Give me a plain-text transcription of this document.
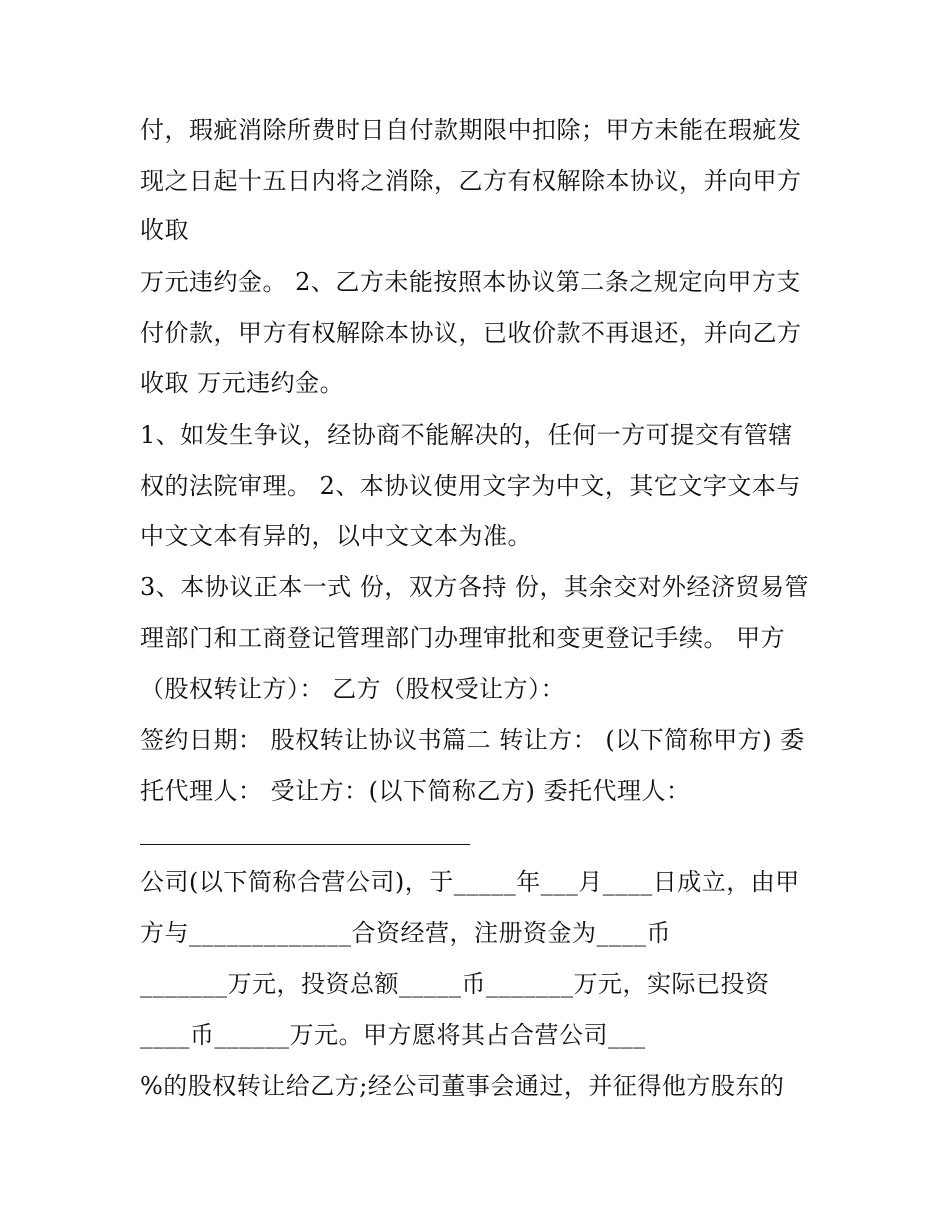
付，瑕疵消除所费时日自付款期限中扣除；甲方未能在瑕疵发
现之日起十五日内将之消除，乙方有权解除本协议，并向甲方
收取
万元违约金。 2、乙方未能按照本协议第二条之规定向甲方支
付价款，甲方有权解除本协议，已收价款不再退还，并向乙方
收取 万元违约金。
1、如发生争议，经协商不能解决的，任何一方可提交有管辖
权的法院审理。 2、本协议使用文字为中文，其它文字文本与
中文文本有异的，以中文文本为准。
3、本协议正本一式 份，双方各持 份，其余交对外经济贸易管
理部门和工商登记管理部门办理审批和变更登记手续。 甲方
（股权转让方）： 乙方（股权受让方）：
签约日期： 股权转让协议书篇二 转让方： (以下简称甲方) 委
托代理人： 受让方：(以下简称乙方) 委托代理人：
公司(以下简称合营公司)，于_____年___月____日成立，由甲
方与_____________合资经营，注册资金为____币
_______万元，投资总额_____币_______万元，实际已投资
____币______万元。甲方愿将其占合营公司___
%的股权转让给乙方;经公司董事会通过，并征得他方股东的
